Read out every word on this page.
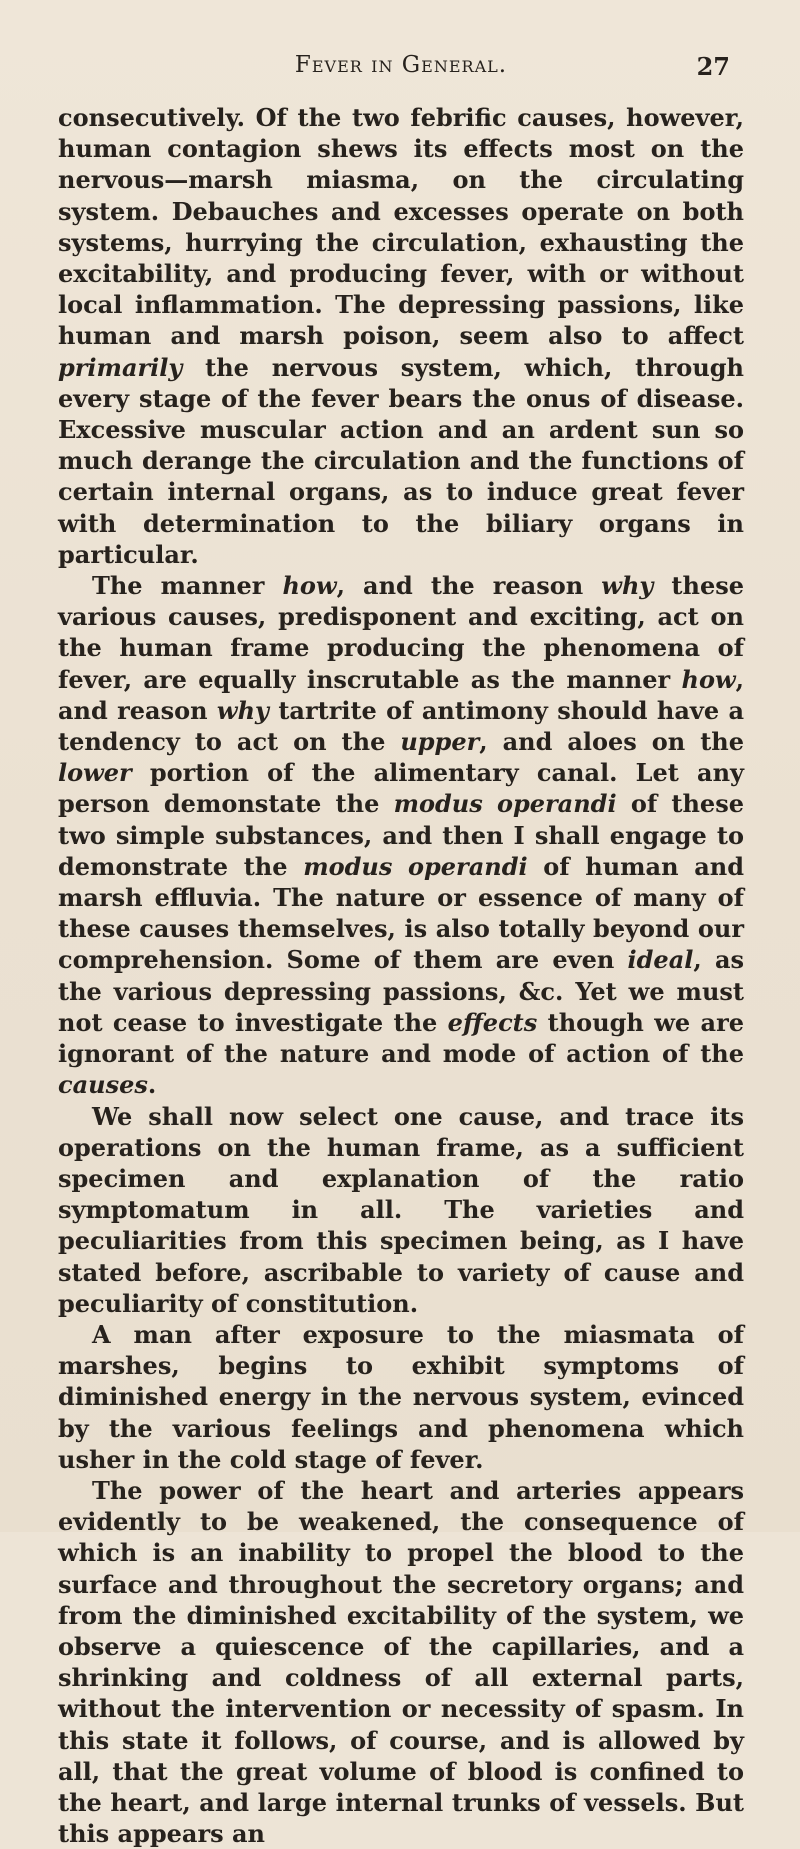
Fever in General.	27

consecutively. Of the two febrific causes, however, human contagion shews its effects most on the nervous—marsh miasma, on the circulating system. Debauches and excesses operate on both systems, hurrying the circulation, exhausting the excitability, and producing fever, with or without local inflammation. The depressing passions, like human and marsh poison, seem also to affect primarily the nervous system, which, through every stage of the fever bears the onus of disease. Excessive muscular action and an ardent sun so much derange the circulation and the functions of certain internal organs, as to induce great fever with determination to the biliary organs in particular.

The manner how, and the reason why these various causes, predisponent and exciting, act on the human frame producing the phenomena of fever, are equally inscrutable as the manner how, and reason why tartrite of antimony should have a tendency to act on the upper, and aloes on the lower portion of the alimentary canal. Let any person demonstate the modus operandi of these two simple substances, and then I shall engage to demonstrate the modus operandi of human and marsh effluvia. The nature or essence of many of these causes themselves, is also totally beyond our comprehension. Some of them are even ideal, as the various depressing passions, &c. Yet we must not cease to investigate the effects though we are ignorant of the nature and mode of action of the causes.

We shall now select one cause, and trace its operations on the human frame, as a sufficient specimen and explanation of the ratio symptomatum in all. The varieties and peculiarities from this specimen being, as I have stated before, ascribable to variety of cause and peculiarity of constitution.

A man after exposure to the miasmata of marshes, begins to exhibit symptoms of diminished energy in the nervous system, evinced by the various feelings and phenomena which usher in the cold stage of fever.

The power of the heart and arteries appears evidently to be weakened, the consequence of which is an inability to propel the blood to the surface and throughout the secretory organs; and from the diminished excitability of the system, we observe a quiescence of the capillaries, and a shrinking and coldness of all external parts, without the intervention or necessity of spasm. In this state it follows, of course, and is allowed by all, that the great volume of blood is confined to the heart, and large internal trunks of vessels. But this appears an
